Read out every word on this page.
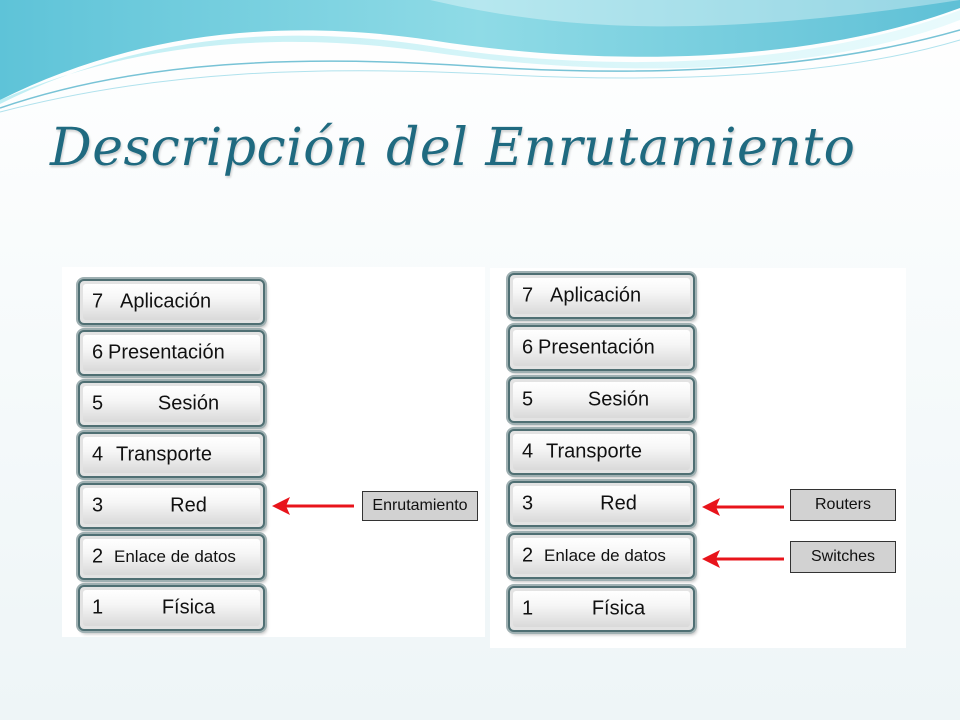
Descripción del Enrutamiento
7 Aplicación
6 Presentación
5	Sesión
4 Transporte
3	Red
2 Enlace de datos
1	Física
Enrutamiento
7 Aplicación
6 Presentación
5	Sesión
4 Transporte
3	Red
2 Enlace de datos
1	Física
Routers
Switches
